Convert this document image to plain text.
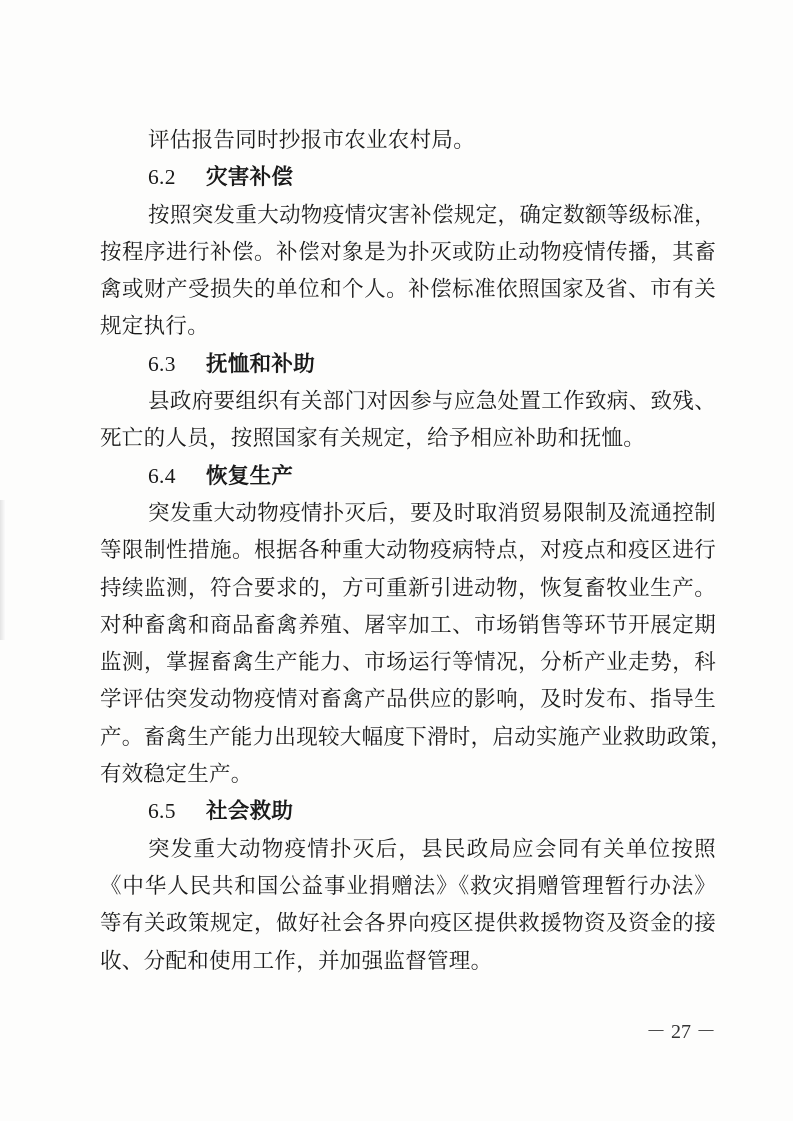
评估报告同时抄报市农业农村局。
6.2 灾害补偿
按照突发重大动物疫情灾害补偿规定，确定数额等级标准，
按程序进行补偿。补偿对象是为扑灭或防止动物疫情传播，其畜
禽或财产受损失的单位和个人。补偿标准依照国家及省、市有关
规定执行。
6.3 抚恤和补助
县政府要组织有关部门对因参与应急处置工作致病、致残、
死亡的人员，按照国家有关规定，给予相应补助和抚恤。
6.4 恢复生产
突发重大动物疫情扑灭后，要及时取消贸易限制及流通控制
等限制性措施。根据各种重大动物疫病特点，对疫点和疫区进行
持续监测，符合要求的，方可重新引进动物，恢复畜牧业生产。
对种畜禽和商品畜禽养殖、屠宰加工、市场销售等环节开展定期
监测，掌握畜禽生产能力、市场运行等情况，分析产业走势，科
学评估突发动物疫情对畜禽产品供应的影响，及时发布、指导生
产。畜禽生产能力出现较大幅度下滑时，启动实施产业救助政策，
有效稳定生产。
6.5 社会救助
突发重大动物疫情扑灭后，县民政局应会同有关单位按照
《中华人民共和国公益事业捐赠法》《救灾捐赠管理暂行办法》
等有关政策规定，做好社会各界向疫区提供救援物资及资金的接
收、分配和使用工作，并加强监督管理。
－ 27 －
